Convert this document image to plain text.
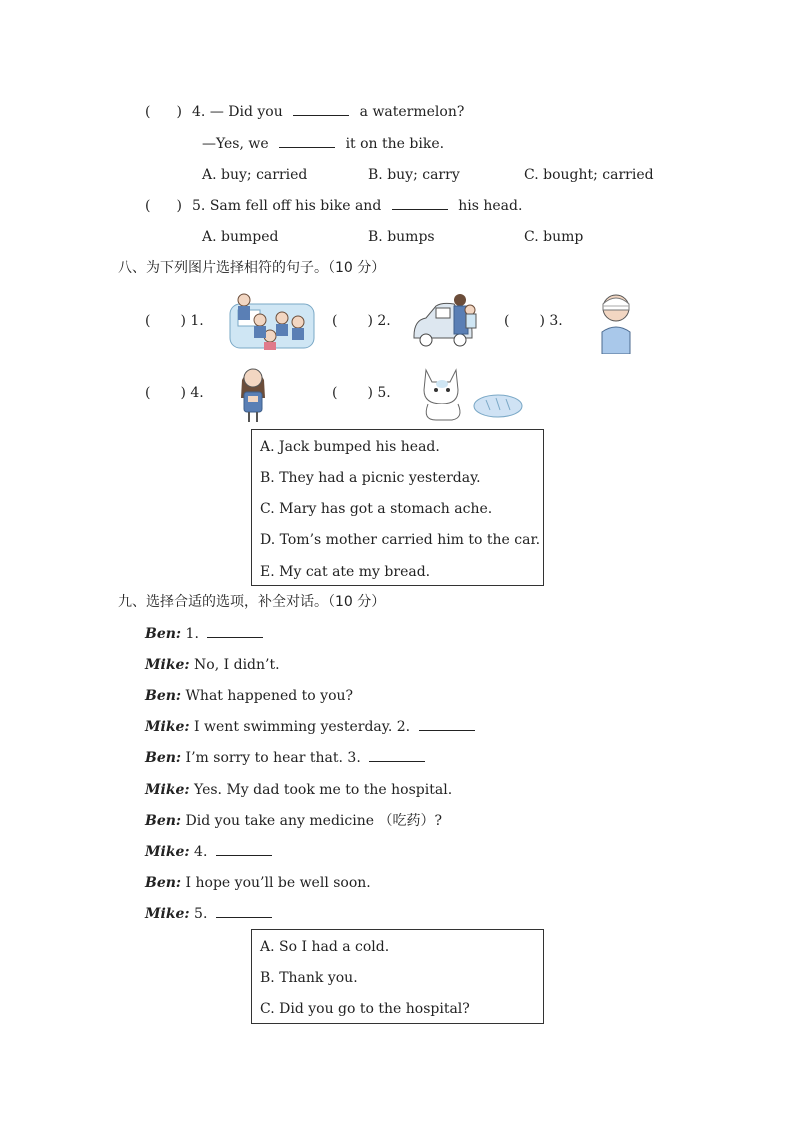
( ) 4. — Did you	a watermelon?
—Yes, we	it on the bike.
A. buy; carried	B. buy; carry	C. bought; carried
( ) 5. Sam fell off his bike and	his head.
A. bumped	B. bumps	C. bump
八、为下列图片选择相符的句子。（10 分）
( ) 1.	( ) 2.	( ) 3.
( ) 4.	( ) 5.
A. Jack bumped his head.
B. They had a picnic yesterday.
C. Mary has got a stomach ache.
D. Tom’s mother carried him to the car.
E. My cat ate my bread.
九、选择合适的选项，补全对话。（10 分）
Ben: 1.
Mike: No, I didn’t.
Ben: What happened to you?
Mike: I went swimming yesterday. 2.
Ben: I’m sorry to hear that. 3.
Mike: Yes. My dad took me to the hospital.
Ben: Did you take any medicine （吃药）?
Mike: 4.
Ben: I hope you’ll be well soon.
Mike: 5.
A. So I had a cold.
B. Thank you.
C. Did you go to the hospital?
